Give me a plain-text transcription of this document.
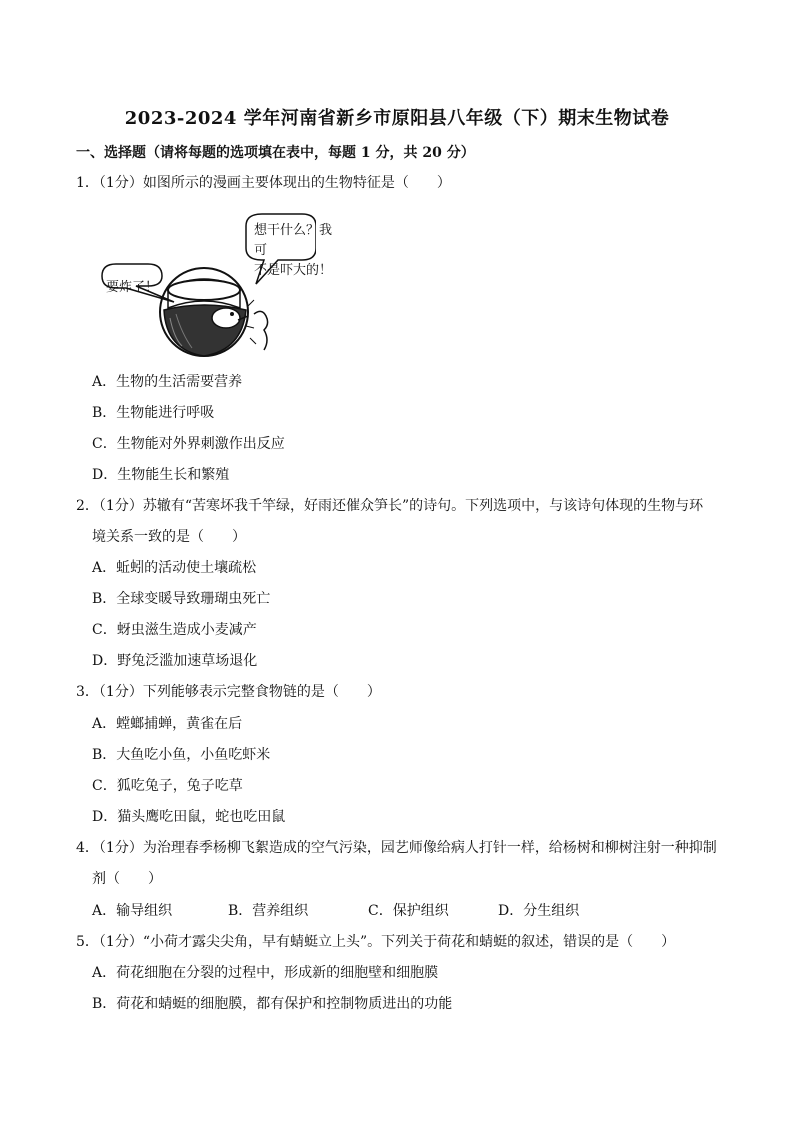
2023-2024 学年河南省新乡市原阳县八年级（下）期末生物试卷
一、选择题（请将每题的选项填在表中，每题 1 分，共 20 分）
1．（1分）如图所示的漫画主要体现出的生物特征是（　　）
想干什么？我可
不是吓大的！
要炸了！
A．生物的生活需要营养
B．生物能进行呼吸
C．生物能对外界刺激作出反应
D．生物能生长和繁殖
2．（1分）苏辙有“苦寒坏我千竿绿，好雨还催众笋长”的诗句。下列选项中，与该诗句体现的生物与环
境关系一致的是（　　）
A．蚯蚓的活动使土壤疏松
B．全球变暖导致珊瑚虫死亡
C．蚜虫滋生造成小麦减产
D．野兔泛滥加速草场退化
3．（1分）下列能够表示完整食物链的是（　　）
A．螳螂捕蝉，黄雀在后
B．大鱼吃小鱼，小鱼吃虾米
C．狐吃兔子，兔子吃草
D．猫头鹰吃田鼠，蛇也吃田鼠
4．（1分）为治理春季杨柳飞絮造成的空气污染，园艺师像给病人打针一样，给杨树和柳树注射一种抑制
剂（　　）
A．输导组织	B．营养组织	C．保护组织	D．分生组织
5．（1分）“小荷才露尖尖角，早有蜻蜓立上头”。下列关于荷花和蜻蜓的叙述，错误的是（　　）
A．荷花细胞在分裂的过程中，形成新的细胞壁和细胞膜
B．荷花和蜻蜓的细胞膜，都有保护和控制物质进出的功能
